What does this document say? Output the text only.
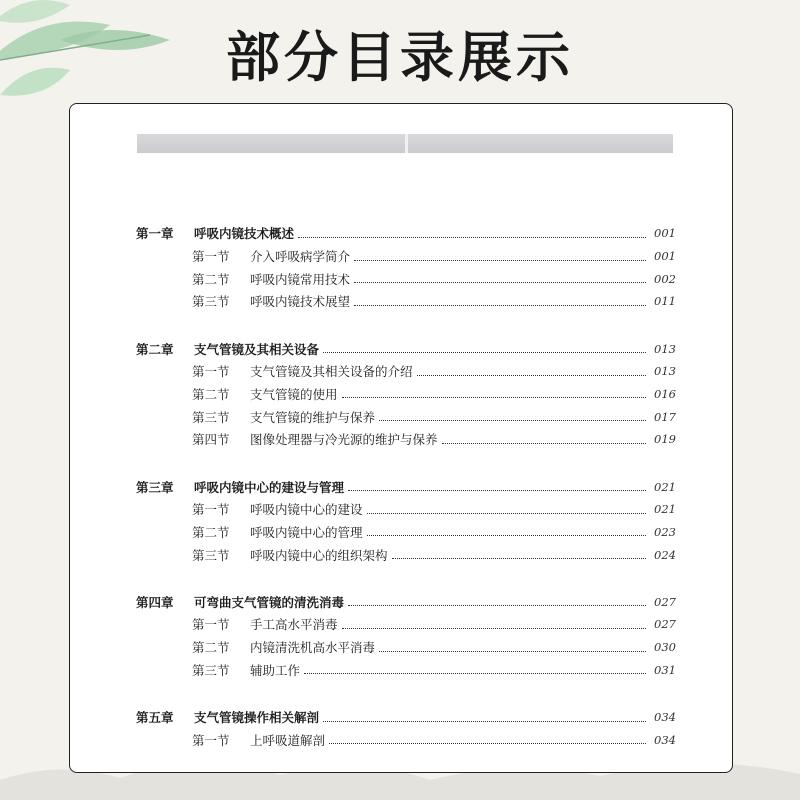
部分目录展示
第一章	呼吸内镜技术概述	001
第一节	介入呼吸病学简介	001
第二节	呼吸内镜常用技术	002
第三节	呼吸内镜技术展望	011
第二章	支气管镜及其相关设备	013
第一节	支气管镜及其相关设备的介绍	013
第二节	支气管镜的使用	016
第三节	支气管镜的维护与保养	017
第四节	图像处理器与冷光源的维护与保养	019
第三章	呼吸内镜中心的建设与管理	021
第一节	呼吸内镜中心的建设	021
第二节	呼吸内镜中心的管理	023
第三节	呼吸内镜中心的组织架构	024
第四章	可弯曲支气管镜的清洗消毒	027
第一节	手工高水平消毒	027
第二节	内镜清洗机高水平消毒	030
第三节	辅助工作	031
第五章	支气管镜操作相关解剖	034
第一节	上呼吸道解剖	034
